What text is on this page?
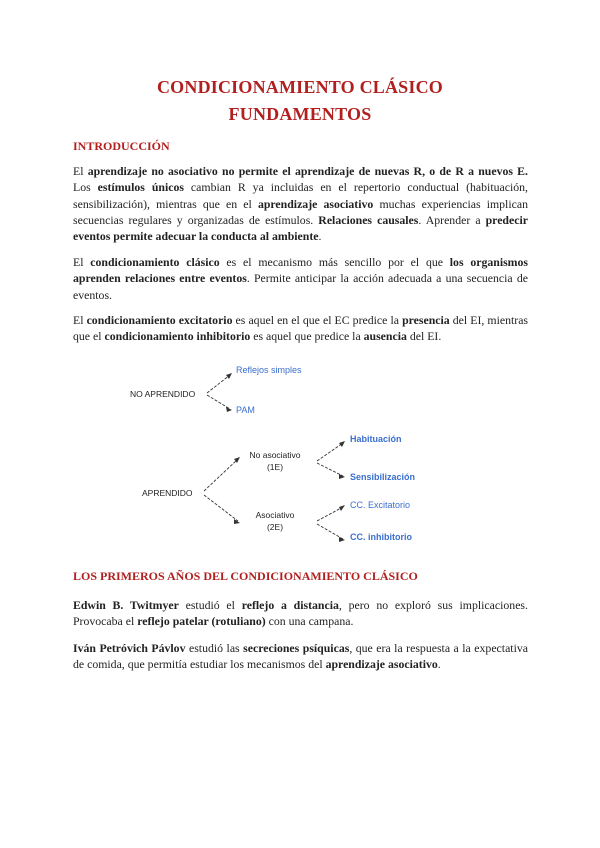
CONDICIONAMIENTO CLÁSICO
FUNDAMENTOS
INTRODUCCIÓN

El aprendizaje no asociativo no permite el aprendizaje de nuevas R, o de R a nuevos E. Los estímulos únicos cambian R ya incluidas en el repertorio conductual (habituación, sensibilización), mientras que en el aprendizaje asociativo muchas experiencias implican secuencias regulares y organizadas de estímulos. Relaciones causales. Aprender a predecir eventos permite adecuar la conducta al ambiente.

El condicionamiento clásico es el mecanismo más sencillo por el que los organismos aprenden relaciones entre eventos. Permite anticipar la acción adecuada a una secuencia de eventos.

El condicionamiento excitatorio es aquel en el que el EC predice la presencia del EI, mientras que el condicionamiento inhibitorio es aquel que predice la ausencia del EI.

NO APRENDIDO
Reflejos simples
PAM
APRENDIDO
No asociativo
(1E)
Asociativo
(2E)
Habituación
Sensibilización
CC. Excitatorio
CC. inhibitorio
LOS PRIMEROS AÑOS DEL CONDICIONAMIENTO CLÁSICO

Edwin B. Twitmyer estudió el reflejo a distancia, pero no exploró sus implicaciones. Provocaba el reflejo patelar (rotuliano) con una campana.

Iván Petróvich Pávlov estudió las secreciones psíquicas, que era la respuesta a la expectativa de comida, que permitía estudiar los mecanismos del aprendizaje asociativo.
